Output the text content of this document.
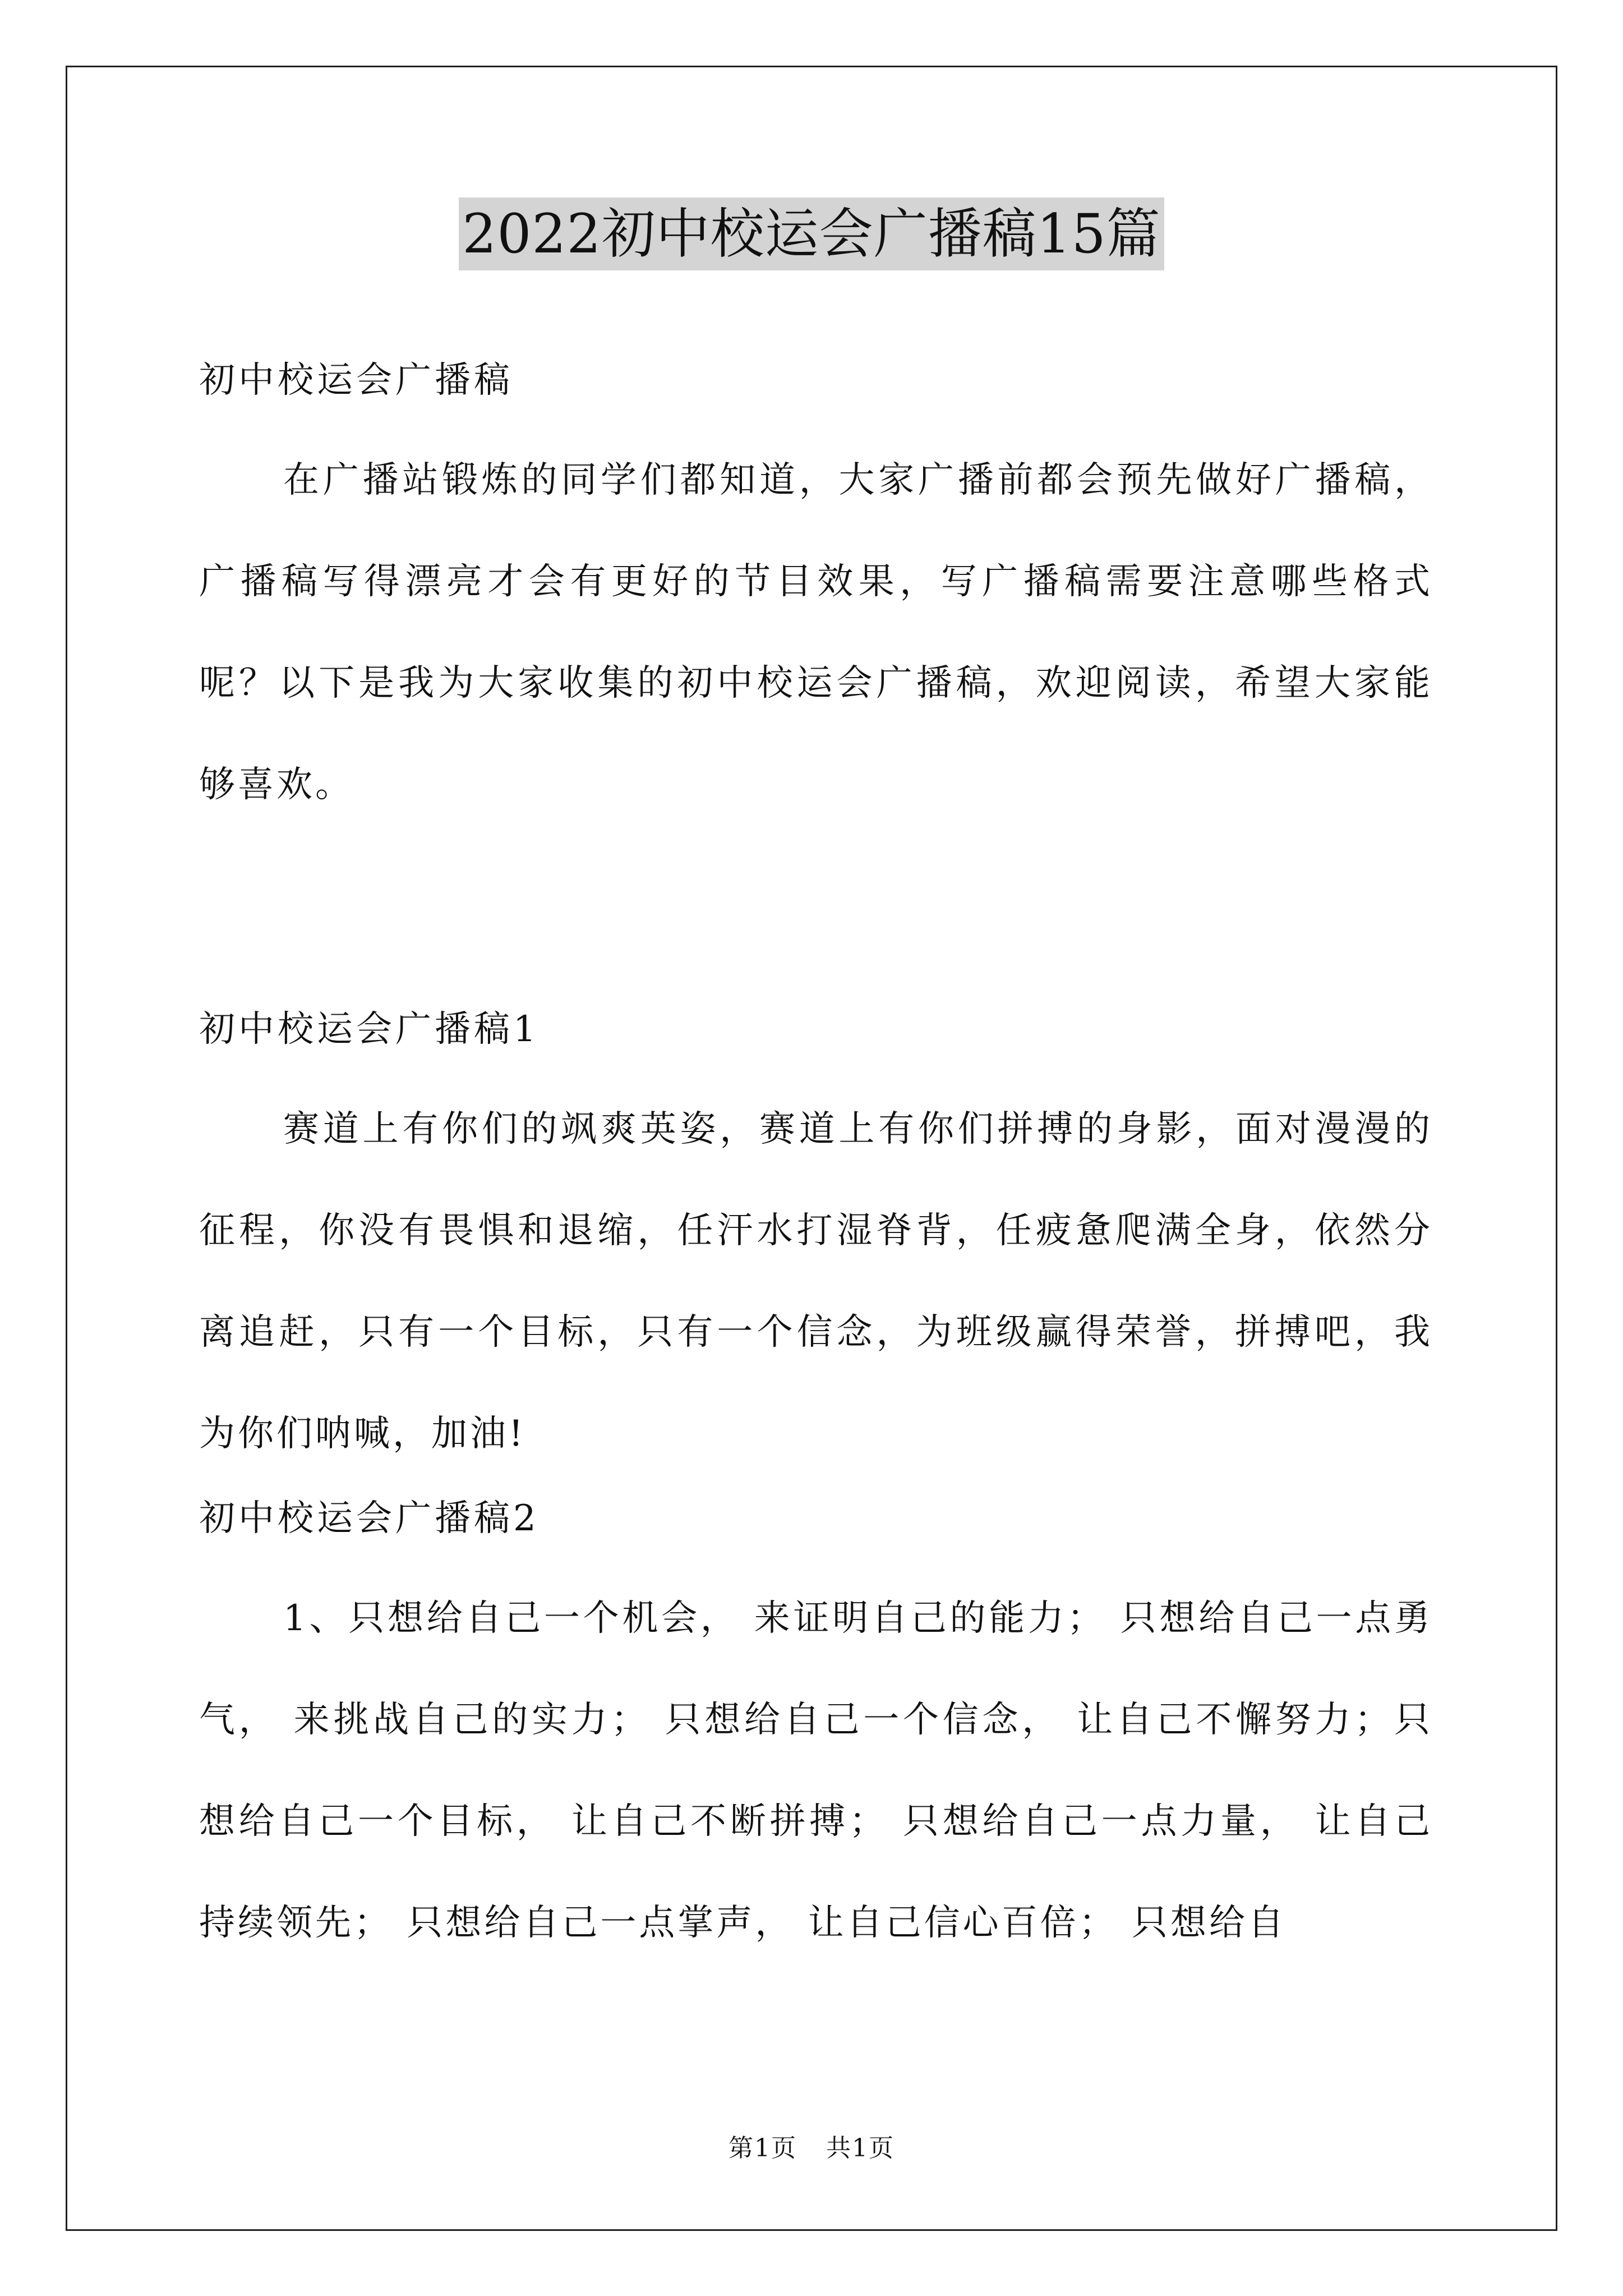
2022初中校运会广播稿15篇

初中校运会广播稿

在广播站锻炼的同学们都知道，大家广播前都会预先做好广播稿，广播稿写得漂亮才会有更好的节目效果，写广播稿需要注意哪些格式呢？以下是我为大家收集的初中校运会广播稿，欢迎阅读，希望大家能够喜欢。

初中校运会广播稿1

赛道上有你们的飒爽英姿，赛道上有你们拼搏的身影，面对漫漫的征程，你没有畏惧和退缩，任汗水打湿脊背，任疲惫爬满全身，依然分离追赶，只有一个目标，只有一个信念，为班级赢得荣誉，拼搏吧，我为你们呐喊，加油!

初中校运会广播稿2

1、只想给自己一个机会， 来证明自己的能力； 只想给自己一点勇气， 来挑战自己的实力； 只想给自己一个信念， 让自己不懈努力；只想给自己一个目标， 让自己不断拼搏； 只想给自己一点力量， 让自己持续领先； 只想给自己一点掌声， 让自己信心百倍； 只想给自

第1页 共1页
